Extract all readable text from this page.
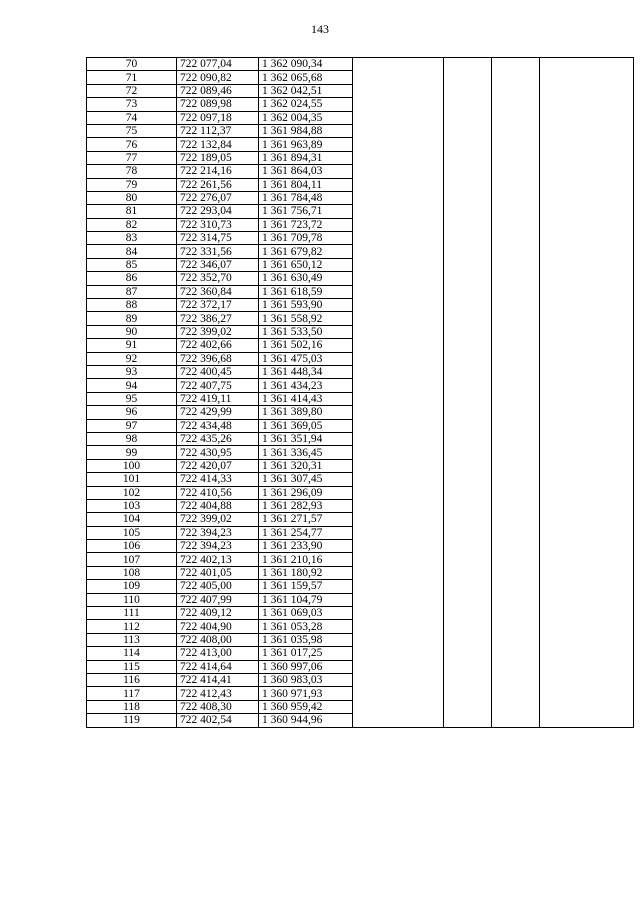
143
70	722 077,04	1 362 090,34				
71	722 090,82	1 362 065,68				
72	722 089,46	1 362 042,51				
73	722 089,98	1 362 024,55				
74	722 097,18	1 362 004,35				
75	722 112,37	1 361 984,88				
76	722 132,84	1 361 963,89				
77	722 189,05	1 361 894,31				
78	722 214,16	1 361 864,03				
79	722 261,56	1 361 804,11				
80	722 276,07	1 361 784,48				
81	722 293,04	1 361 756,71				
82	722 310,73	1 361 723,72				
83	722 314,75	1 361 709,78				
84	722 331,56	1 361 679,82				
85	722 346,07	1 361 650,12				
86	722 352,70	1 361 630,49				
87	722 360,84	1 361 618,59				
88	722 372,17	1 361 593,90				
89	722 386,27	1 361 558,92				
90	722 399,02	1 361 533,50				
91	722 402,66	1 361 502,16				
92	722 396,68	1 361 475,03				
93	722 400,45	1 361 448,34				
94	722 407,75	1 361 434,23				
95	722 419,11	1 361 414,43				
96	722 429,99	1 361 389,80				
97	722 434,48	1 361 369,05				
98	722 435,26	1 361 351,94				
99	722 430,95	1 361 336,45				
100	722 420,07	1 361 320,31				
101	722 414,33	1 361 307,45				
102	722 410,56	1 361 296,09				
103	722 404,88	1 361 282,93				
104	722 399,02	1 361 271,57				
105	722 394,23	1 361 254,77				
106	722 394,23	1 361 233,90				
107	722 402,13	1 361 210,16				
108	722 401,05	1 361 180,92				
109	722 405,00	1 361 159,57				
110	722 407,99	1 361 104,79				
111	722 409,12	1 361 069,03				
112	722 404,90	1 361 053,28				
113	722 408,00	1 361 035,98				
114	722 413,00	1 361 017,25				
115	722 414,64	1 360 997,06				
116	722 414,41	1 360 983,03				
117	722 412,43	1 360 971,93				
118	722 408,30	1 360 959,42				
119	722 402,54	1 360 944,96				
